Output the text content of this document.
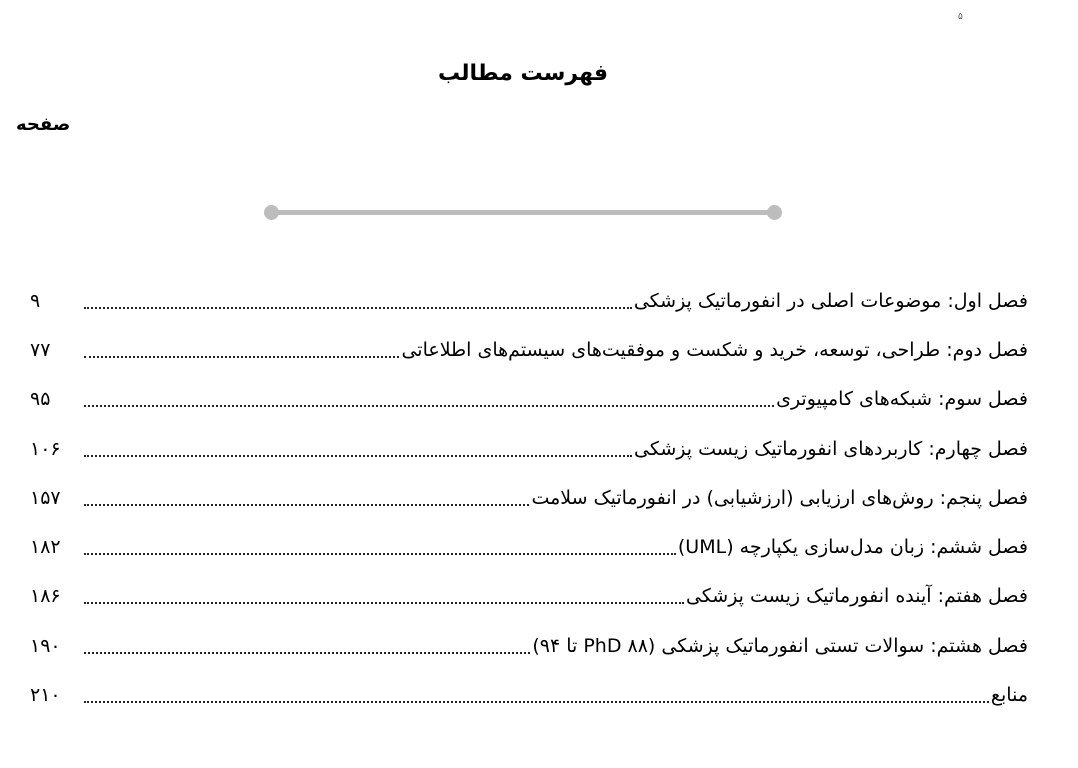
۵
فهرست مطالب
صفحه
فصل اول: موضوعات اصلی در انفورماتیک پزشکی
۹
فصل دوم: طراحی، توسعه، خرید و شکست و موفقیت‌های سیستم‌های اطلاعاتی
۷۷
فصل سوم: شبکه‌های کامپیوتری
۹۵
فصل چهارم: کاربردهای انفورماتیک زیست پزشکی
۱۰۶
فصل پنجم: روش‌های ارزیابی (ارزشیابی) در انفورماتیک سلامت
۱۵۷
فصل ششم: زبان مدل‌سازی یکپارچه (UML)
۱۸۲
فصل هفتم: آینده انفورماتیک زیست پزشکی
۱۸۶
فصل هشتم: سوالات تستی انفورماتیک پزشکی (PhD ۸۸ تا ۹۴)
۱۹۰
منابع
۲۱۰
